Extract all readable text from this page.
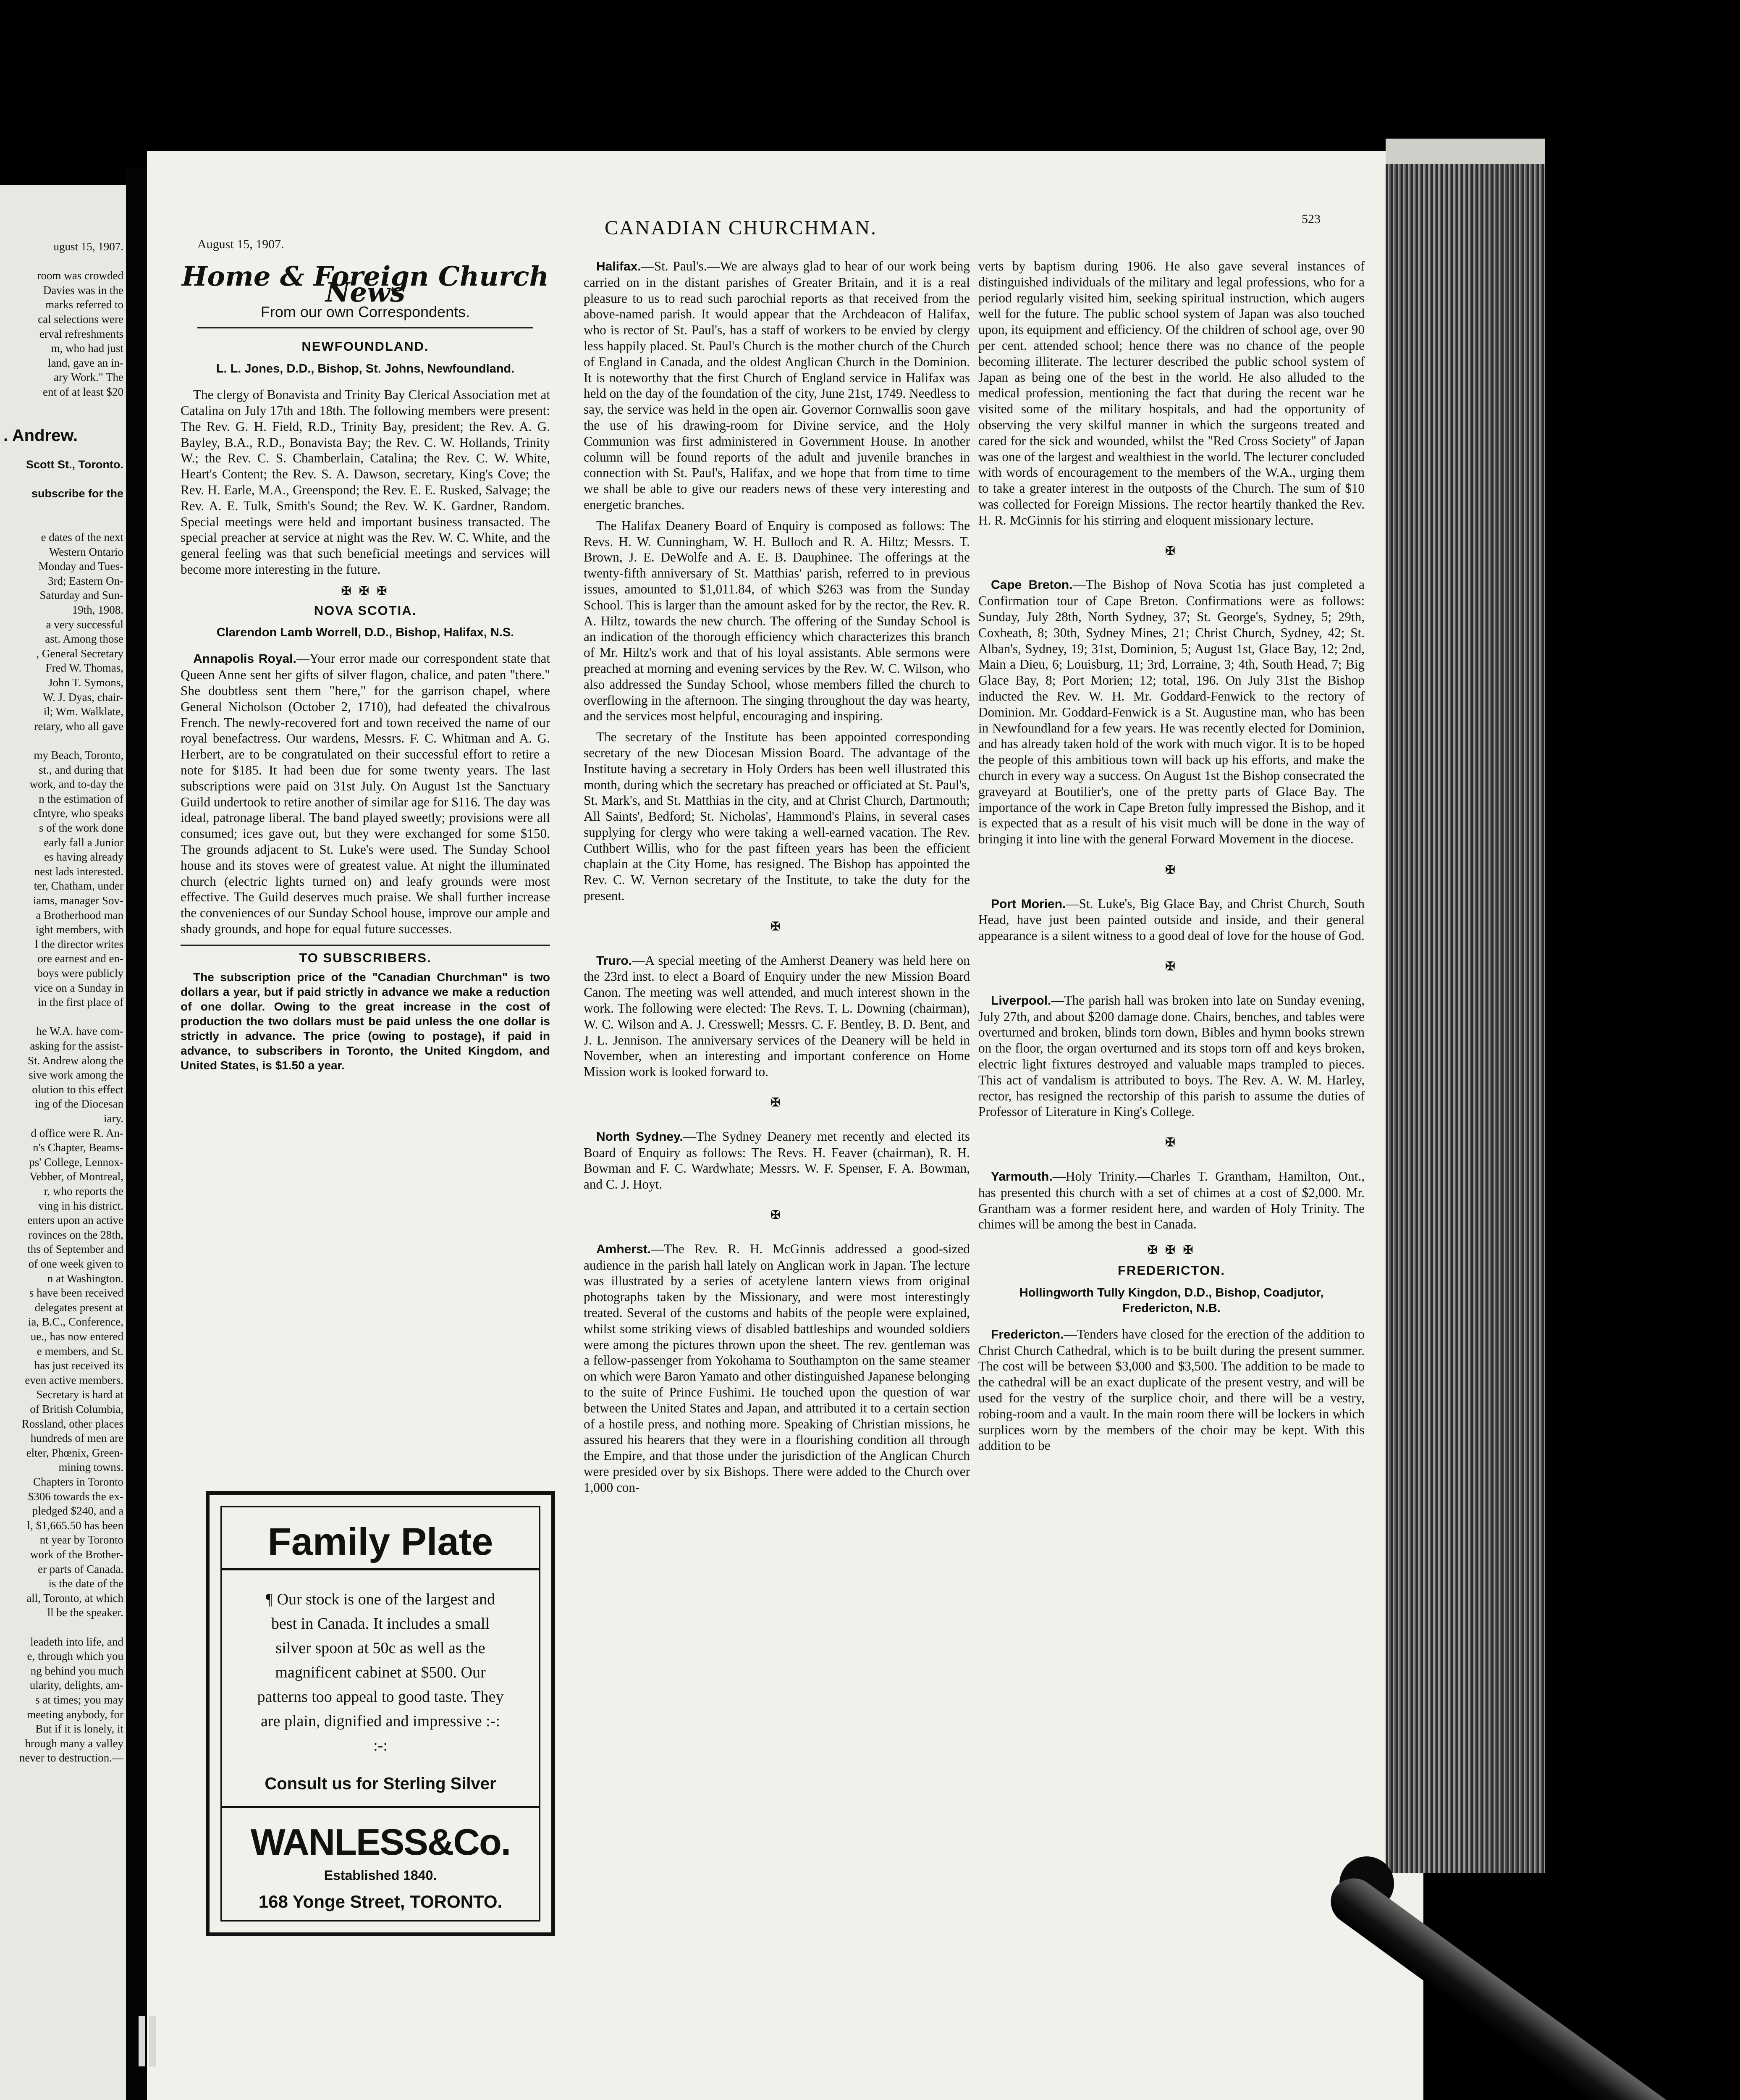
ugust 15, 1907.
room was crowded
Davies was in the
marks referred to
cal selections were
erval refreshments
m, who had just
land, gave an in-
ary Work." The
ent of at least $20
. Andrew.
Scott St., Toronto.
subscribe for the
e dates of the next
Western Ontario
Monday and Tues-
3rd; Eastern On-
Saturday and Sun-
19th, 1908.
a very successful
ast. Among those
, General Secretary
Fred W. Thomas,
John T. Symons,
W. J. Dyas, chair-
il; Wm. Walklate,
retary, who all gave
my Beach, Toronto,
st., and during that
work, and to-day the
n the estimation of
cIntyre, who speaks
s of the work done
early fall a Junior
es having already
nest lads interested.
ter, Chatham, under
iams, manager Sov-
a Brotherhood man
ight members, with
l the director writes
ore earnest and en-
boys were publicly
vice on a Sunday in
in the first place of
he W.A. have com-
asking for the assist-
St. Andrew along the
sive work among the
olution to this effect
ing of the Diocesan
iary.
d office were R. An-
n's Chapter, Beams-
ps' College, Lennox-
Vebber, of Montreal,
r, who reports the
ving in his district.
enters upon an active
rovinces on the 28th,
ths of September and
of one week given to
n at Washington.
s have been received
delegates present at
ia, B.C., Conference,
ue., has now entered
e members, and St.
has just received its
even active members.
Secretary is hard at
of British Columbia,
Rossland, other places
hundreds of men are
elter, Phœnix, Green-
mining towns.
Chapters in Toronto
$306 towards the ex-
pledged $240, and a
l, $1,665.50 has been
nt year by Toronto
work of the Brother-
er parts of Canada.
is the date of the
all, Toronto, at which
ll be the speaker.
leadeth into life, and
e, through which you
ng behind you much
ularity, delights, am-
s at times; you may
meeting anybody, for
But if it is lonely, it
hrough many a valley
never to destruction.—
August 15, 1907.
CANADIAN CHURCHMAN.	523
Home & Foreign Church News
From our own Correspondents.
NEWFOUNDLAND.
L. L. Jones, D.D., Bishop, St. Johns, Newfoundland.

The clergy of Bonavista and Trinity Bay Clerical Association met at Catalina on July 17th and 18th. The following members were present: The Rev. G. H. Field, R.D., Trinity Bay, president; the Rev. A. G. Bayley, B.A., R.D., Bonavista Bay; the Rev. C. W. Hollands, Trinity W.; the Rev. C. S. Chamberlain, Catalina; the Rev. C. W. White, Heart's Content; the Rev. S. A. Dawson, secretary, King's Cove; the Rev. H. Earle, M.A., Greenspond; the Rev. E. E. Rusked, Salvage; the Rev. A. E. Tulk, Smith's Sound; the Rev. W. K. Gardner, Random. Special meetings were held and important business transacted. The special preacher at service at night was the Rev. W. C. White, and the general feeling was that such beneficial meetings and services will become more interesting in the future.

✠ ✠ ✠
NOVA SCOTIA.
Clarendon Lamb Worrell, D.D., Bishop, Halifax, N.S.

Annapolis Royal.—Your error made our correspondent state that Queen Anne sent her gifts of silver flagon, chalice, and paten "there." She doubtless sent them "here," for the garrison chapel, where General Nicholson (October 2, 1710), had defeated the chivalrous French. The newly-recovered fort and town received the name of our royal benefactress. Our wardens, Messrs. F. C. Whitman and A. G. Herbert, are to be congratulated on their successful effort to retire a note for $185. It had been due for some twenty years. The last subscriptions were paid on 31st July. On August 1st the Sanctuary Guild undertook to retire another of similar age for $116. The day was ideal, patronage liberal. The band played sweetly; provisions were all consumed; ices gave out, but they were exchanged for some $150. The grounds adjacent to St. Luke's were used. The Sunday School house and its stoves were of greatest value. At night the illuminated church (electric lights turned on) and leafy grounds were most effective. The Guild deserves much praise. We shall further increase the conveniences of our Sunday School house, improve our ample and shady grounds, and hope for equal future successes.

TO SUBSCRIBERS.

The subscription price of the "Canadian Churchman" is two dollars a year, but if paid strictly in advance we make a reduction of one dollar. Owing to the great increase in the cost of production the two dollars must be paid unless the one dollar is strictly in advance. The price (owing to postage), if paid in advance, to subscribers in Toronto, the United Kingdom, and United States, is $1.50 a year.

Family Plate
¶ Our stock is one of the largest and best in Canada. It includes a small silver spoon at 50c as well as the magnificent cabinet at $500. Our patterns too appeal to good taste. They are plain, dignified and impressive :-: :-:
Consult us for Sterling Silver
WANLESS&Co.
Established 1840.
168 Yonge Street, TORONTO.

Halifax.—St. Paul's.—We are always glad to hear of our work being carried on in the distant parishes of Greater Britain, and it is a real pleasure to us to read such parochial reports as that received from the above-named parish. It would appear that the Archdeacon of Halifax, who is rector of St. Paul's, has a staff of workers to be envied by clergy less happily placed. St. Paul's Church is the mother church of the Church of England in Canada, and the oldest Anglican Church in the Dominion. It is noteworthy that the first Church of England service in Halifax was held on the day of the foundation of the city, June 21st, 1749. Needless to say, the service was held in the open air. Governor Cornwallis soon gave the use of his drawing-room for Divine service, and the Holy Communion was first administered in Government House. In another column will be found reports of the adult and juvenile branches in connection with St. Paul's, Halifax, and we hope that from time to time we shall be able to give our readers news of these very interesting and energetic branches.

The Halifax Deanery Board of Enquiry is composed as follows: The Revs. H. W. Cunningham, W. H. Bulloch and R. A. Hiltz; Messrs. T. Brown, J. E. DeWolfe and A. E. B. Dauphinee. The offerings at the twenty-fifth anniversary of St. Matthias' parish, referred to in previous issues, amounted to $1,011.84, of which $263 was from the Sunday School. This is larger than the amount asked for by the rector, the Rev. R. A. Hiltz, towards the new church. The offering of the Sunday School is an indication of the thorough efficiency which characterizes this branch of Mr. Hiltz's work and that of his loyal assistants. Able sermons were preached at morning and evening services by the Rev. W. C. Wilson, who also addressed the Sunday School, whose members filled the church to overflowing in the afternoon. The singing throughout the day was hearty, and the services most helpful, encouraging and inspiring.

The secretary of the Institute has been appointed corresponding secretary of the new Diocesan Mission Board. The advantage of the Institute having a secretary in Holy Orders has been well illustrated this month, during which the secretary has preached or officiated at St. Paul's, St. Mark's, and St. Matthias in the city, and at Christ Church, Dartmouth; All Saints', Bedford; St. Nicholas', Hammond's Plains, in several cases supplying for clergy who were taking a well-earned vacation. The Rev. Cuthbert Willis, who for the past fifteen years has been the efficient chaplain at the City Home, has resigned. The Bishop has appointed the Rev. C. W. Vernon secretary of the Institute, to take the duty for the present.

✠

Truro.—A special meeting of the Amherst Deanery was held here on the 23rd inst. to elect a Board of Enquiry under the new Mission Board Canon. The meeting was well attended, and much interest shown in the work. The following were elected: The Revs. T. L. Downing (chairman), W. C. Wilson and A. J. Cresswell; Messrs. C. F. Bentley, B. D. Bent, and J. L. Jennison. The anniversary services of the Deanery will be held in November, when an interesting and important conference on Home Mission work is looked forward to.

✠

North Sydney.—The Sydney Deanery met recently and elected its Board of Enquiry as follows: The Revs. H. Feaver (chairman), R. H. Bowman and F. C. Wardwhate; Messrs. W. F. Spenser, F. A. Bowman, and C. J. Hoyt.

✠

Amherst.—The Rev. R. H. McGinnis addressed a good-sized audience in the parish hall lately on Anglican work in Japan. The lecture was illustrated by a series of acetylene lantern views from original photographs taken by the Missionary, and were most interestingly treated. Several of the customs and habits of the people were explained, whilst some striking views of disabled battleships and wounded soldiers were among the pictures thrown upon the sheet. The rev. gentleman was a fellow-passenger from Yokohama to Southampton on the same steamer on which were Baron Yamato and other distinguished Japanese belonging to the suite of Prince Fushimi. He touched upon the question of war between the United States and Japan, and attributed it to a certain section of a hostile press, and nothing more. Speaking of Christian missions, he assured his hearers that they were in a flourishing condition all through the Empire, and that those under the jurisdiction of the Anglican Church were presided over by six Bishops. There were added to the Church over 1,000 con-

verts by baptism during 1906. He also gave several instances of distinguished individuals of the military and legal professions, who for a period regularly visited him, seeking spiritual instruction, which augers well for the future. The public school system of Japan was also touched upon, its equipment and efficiency. Of the children of school age, over 90 per cent. attended school; hence there was no chance of the people becoming illiterate. The lecturer described the public school system of Japan as being one of the best in the world. He also alluded to the medical profession, mentioning the fact that during the recent war he visited some of the military hospitals, and had the opportunity of observing the very skilful manner in which the surgeons treated and cared for the sick and wounded, whilst the "Red Cross Society" of Japan was one of the largest and wealthiest in the world. The lecturer concluded with words of encouragement to the members of the W.A., urging them to take a greater interest in the outposts of the Church. The sum of $10 was collected for Foreign Missions. The rector heartily thanked the Rev. H. R. McGinnis for his stirring and eloquent missionary lecture.

✠

Cape Breton.—The Bishop of Nova Scotia has just completed a Confirmation tour of Cape Breton. Confirmations were as follows: Sunday, July 28th, North Sydney, 37; St. George's, Sydney, 5; 29th, Coxheath, 8; 30th, Sydney Mines, 21; Christ Church, Sydney, 42; St. Alban's, Sydney, 19; 31st, Dominion, 5; August 1st, Glace Bay, 12; 2nd, Main a Dieu, 6; Louisburg, 11; 3rd, Lorraine, 3; 4th, South Head, 7; Big Glace Bay, 8; Port Morien; 12; total, 196. On July 31st the Bishop inducted the Rev. W. H. Mr. Goddard-Fenwick to the rectory of Dominion. Mr. Goddard-Fenwick is a St. Augustine man, who has been in Newfoundland for a few years. He was recently elected for Dominion, and has already taken hold of the work with much vigor. It is to be hoped the people of this ambitious town will back up his efforts, and make the church in every way a success. On August 1st the Bishop consecrated the graveyard at Boutilier's, one of the pretty parts of Glace Bay. The importance of the work in Cape Breton fully impressed the Bishop, and it is expected that as a result of his visit much will be done in the way of bringing it into line with the general Forward Movement in the diocese.

✠

Port Morien.—St. Luke's, Big Glace Bay, and Christ Church, South Head, have just been painted outside and inside, and their general appearance is a silent witness to a good deal of love for the house of God.

✠

Liverpool.—The parish hall was broken into late on Sunday evening, July 27th, and about $200 damage done. Chairs, benches, and tables were overturned and broken, blinds torn down, Bibles and hymn books strewn on the floor, the organ overturned and its stops torn off and keys broken, electric light fixtures destroyed and valuable maps trampled to pieces. This act of vandalism is attributed to boys. The Rev. A. W. M. Harley, rector, has resigned the rectorship of this parish to assume the duties of Professor of Literature in King's College.

✠

Yarmouth.—Holy Trinity.—Charles T. Grantham, Hamilton, Ont., has presented this church with a set of chimes at a cost of $2,000. Mr. Grantham was a former resident here, and warden of Holy Trinity. The chimes will be among the best in Canada.

✠ ✠ ✠
FREDERICTON.
Hollingworth Tully Kingdon, D.D., Bishop, Coadjutor, Fredericton, N.B.

Fredericton.—Tenders have closed for the erection of the addition to Christ Church Cathedral, which is to be built during the present summer. The cost will be between $3,000 and $3,500. The addition to be made to the cathedral will be an exact duplicate of the present vestry, and will be used for the vestry of the surplice choir, and there will be a vestry, robing-room and a vault. In the main room there will be lockers in which surplices worn by the members of the choir may be kept. With this addition to be
